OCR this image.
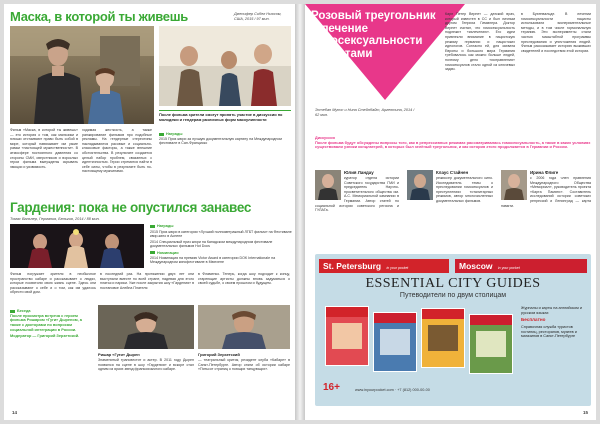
Маска, в которой ты живешь	Дженифер Сибел Ньюсом,
США, 2015 / 97 мин.
Фильм «Маска, в которой ты живешь» — это история о том, как мальчики и юноши отстаивают право быть собой в мире, который навязывает им узкие рамки «настоящей мужественности». В атмосфере постоянного давления со стороны СМИ, сверстников и взрослых герои фильма вынуждены скрывать эмоции и уязвимость.
ходимая жесткость, а также ранжирование фильмов про подобные рекламы. На гендерные стереотипы накладываются расовые и социально-классовые факторы, а также внешние обстоятельства. В результате создается целый набор проблем, связанных с идентичностью. Герои стремятся найти в себе силы, чтобы в результате быть по-настоящему мужчинами.
После фильма зрители смогут принять участие в дискуссии по молодежи и гендерам различных форм маскулинности
Награды
2015 Приз жюри за лучшую документальную картину на Международном фестивале в Сан-Франциско
Гардения: пока не опустился занавес
Томас Вальнер, Германия, Бельгия, 2014 / 88 мин.
Награды
2015 Приз жюри в категории «Лучший полнометражный ЛГБТ фильм» на Фестивале квир-кино в Аспене
2014 Специальный приз жюри на Канадском международном фестивале документальных фильмов Hot Docs
Номинации
2014 Номинация на премию Victor Award в категории DOK Internationale на Международном кинофестивале в Мюнхене
Фильм погружает зрителя в необычное пространство кабаре и рассказывает о людях, которые посвятили свою жизнь сцене. Здесь они рассказывают о себе и о том, как им удалось обрести свой дом.
в последний раз. На протяжении двух лет они выступали вместе по всей стране, надевая для этого платья и парики. Уже после закрытия шоу «Гардения» в постановке Алейна Плателя
в Фламенко. Теперь, когда шоу подходит к концу, стареющие артисты должны вновь задуматься о своей судьбе, о своем прошлом и будущем.
Беседа
После просмотра встреча с героем фильма Ришаром «Гуги» Дыреном, а также с докторами по вопросам социальной интеграции в России.
Модератор — Григорий Зерзетский.
Ришар «Гуги» Дырен
Знаменитый трансвестит и актер. В 2011 году Дырен появился на сцене в шоу «Гардения» и вскоре стал одним из ярких звезд франкоязычного кабаре.
Григорий Зерзетский
— театральный критик, резидент клуба «Кабаре» в Санкт-Петербурге. Автор книги об истории кабаре «Пятьсот страниц о поющих танцующих».
14
Розовый треугольник
и лечение
гомосексуальности
нацистами
Эстебан Мунос и Нина Стейнбайт, Аргентина, 2014 / 62 мин.
Карл Петер Вернет — датский врач, который известен в СС и был личным другом Генриха Гиммлера. Доктор Вернет считал, что гомосексуальность подлежит «излечению». Его идеи привлекли внимание в нацистскую режиму германии и нацистских идеологов. Согласно ей, для захвата Европы и большого мира Германия требовалось как можно больше людей, поэтому дело «исправления» гомосексуалов стало одной из ключевых задач.
в Бухенвальде. В лечении гомосексуальности нацисты использовали экспериментальные методы, и в том числе гормональную терапию. Эти эксперименты стали частью масштабной программы преследования и уничтожения людей. Фильм рассказывает историю выживших свидетелей и последствия этой истории.
Дискуссия
После фильма будут обсуждены вопросы того, как в репрессивных режимах рассматривалась гомосексуальность, а также в каких условиях существовали узники концлагерей, в которых был зелёный треугольник, и как история этого продолжается в Германии и России.
Юлия Ландау
куратор отдела истории Советского государства ГМИ и председатель Научно-просветительного общества им. А.С. Мемориальной кампании в Германии. Автор статей по социальной истории советского региона и ГУЛАГа.
Клаус Стайнен
режиссер документального кино. Исследователь темы о преследовании гомосексуалов и преступлениях тоталитарных режимов, автор многочисленных документальных фильмов.
Ирина Флиге
с 2006 года член правления Международного Общества «Мемориал», руководитель проекта «Карта Памяти». Составитель исследований истории советских репрессий и Ленинград — карта памяти.
St. Petersburg in your pocket	Moscow in your pocket
ESSENTIAL CITY GUIDES
Путеводители по двум столицам
Журналы и карты на английском и русском языках
Бесплатно
Справочная служба туристов гостиниц, ресторанов, музеев и магазинов в Санкт-Петербурге
16+	www.inyourpocket.com · +7 (812) 000-00-00
15
